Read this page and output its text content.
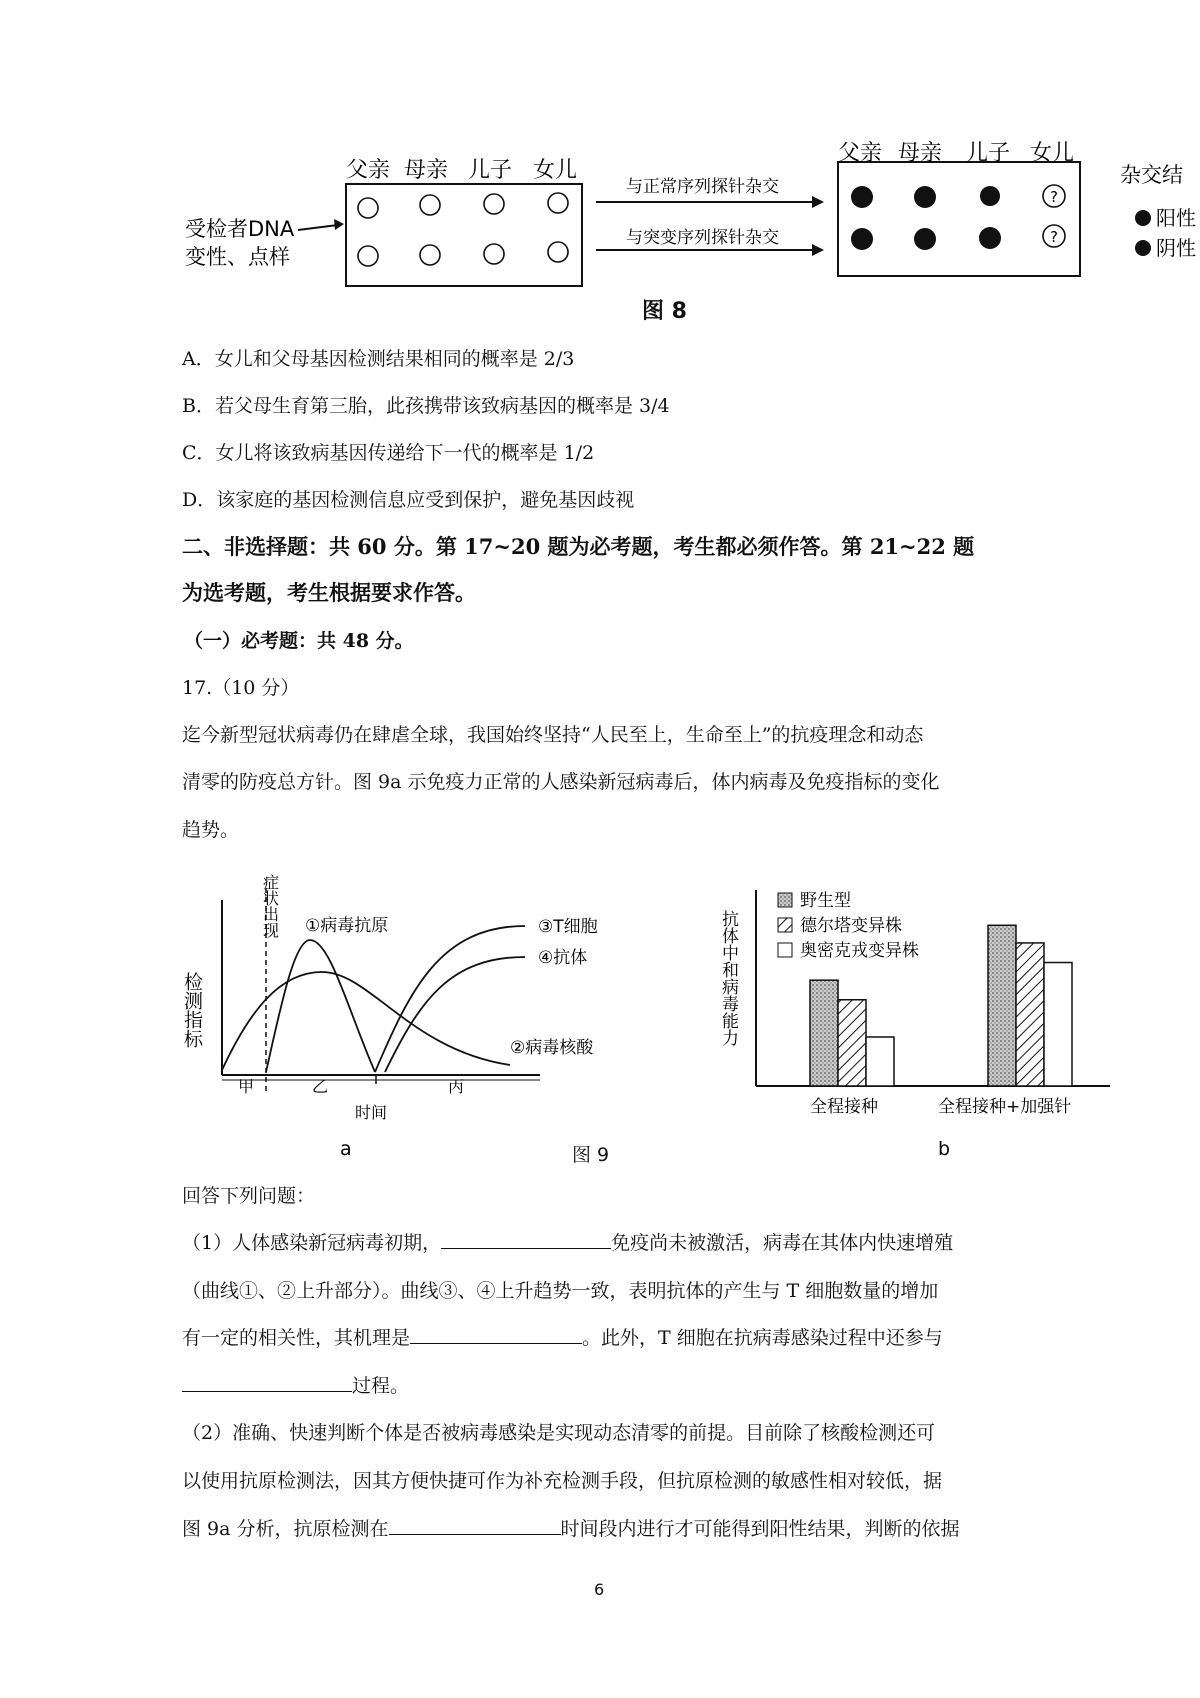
父亲 母亲 儿子 女儿
受检者DNA
变性、点样
与正常序列探针杂交
与突变序列探针杂交
父亲 母亲 儿子 女儿
?
?
杂交结
阳性
阴性
图 8
A．女儿和父母基因检测结果相同的概率是 2/3
B．若父母生育第三胎，此孩携带该致病基因的概率是 3/4
C．女儿将该致病基因传递给下一代的概率是 1/2
D．该家庭的基因检测信息应受到保护，避免基因歧视
二、非选择题：共 60 分。第 17~20 题为必考题，考生都必须作答。第 21~22 题
为选考题，考生根据要求作答。
（一）必考题：共 48 分。
17.（10 分）
迄今新型冠状病毒仍在肆虐全球，我国始终坚持“人民至上，生命至上”的抗疫理念和动态
清零的防疫总方针。图 9a 示免疫力正常的人感染新冠病毒后，体内病毒及免疫指标的变化
趋势。
检测指标
症状出现 ①病毒抗原	③T细胞
④抗体
②病毒核酸
甲	乙	丙
时间
a	图 9
抗体中和病毒能力
野生型
德尔塔变异株
奥密克戎变异株
全程接种	全程接种+加强针
b
回答下列问题：
（1）人体感染新冠病毒初期，	免疫尚未被激活，病毒在其体内快速增殖
（曲线①、②上升部分）。曲线③、④上升趋势一致，表明抗体的产生与 T 细胞数量的增加
有一定的相关性，其机理是	。此外，T 细胞在抗病毒感染过程中还参与
过程。
（2）准确、快速判断个体是否被病毒感染是实现动态清零的前提。目前除了核酸检测还可
以使用抗原检测法，因其方便快捷可作为补充检测手段，但抗原检测的敏感性相对较低，据
图 9a 分析，抗原检测在	时间段内进行才可能得到阳性结果，判断的依据
6
